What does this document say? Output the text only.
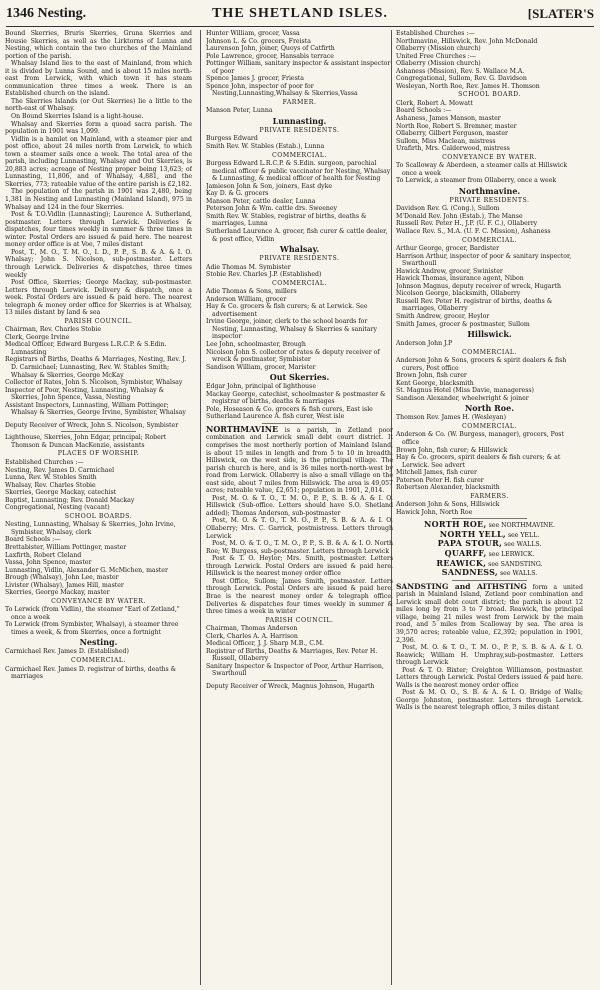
1346 Nesting.	THE SHETLAND ISLES.	[SLATER'S

Bound Skerries, Bruris Skerries, Gruna Skerries and Housie Skerries, as well as the Lirktorns of Lunna and Nesting, which contain the two churches of the Mainland portion of the parish.

Whalsay Island lies to the east of Mainland, from which it is divided by Lunna Sound, and is about 15 miles north-east from Lerwick, with which town it has steam communication three times a week. There is an Established church on the island.

The Skerries Islands (or Out Skerries) lie a little to the north-east of Whalsay.

On Bound Skerries Island is a light-house.

Whalsay and Skerries form a quoad sacra parish. The population in 1901 was 1,099.

Vidlin is a hamlet on Mainland, with a steamer pier and post office, about 24 miles north from Lerwick, to which town a steamer sails once a week. The total area of the parish, including Lunnasting, Whalsay and Out Skerries, is 20,883 acres; acreage of Nesting proper being 13,623; of Lunnasting, 11,806, and of Whalsay, 4,881, and the Skerries, 773; rateable value of the entire parish is £2,182.

The population of the parish in 1901 was 2,480, being 1,381 in Nesting and Lunnasting (Mainland Island), 975 in Whalsay and 124 in the four Skerries.

Post & T.O.Vidlin (Lunnasting); Laurence A. Sutherland, postmaster. Letters through Lerwick. Deliveries & dispatches, four times weekly in summer & three times in winter. Postal Orders are issued & paid here. The nearest money order office is at Voe, 7 miles distant

Post, T., M. O., T. M. O., I. D., P. P., S. B. & A. & I. O. Whalsay; John S. Nicolson, sub-postmaster. Letters through Lerwick. Deliveries & dispatches, three times weekly

Post Office, Skerries; George Mackay, sub-postmaster. Letters through Lerwick. Delivery & dispatch, once a week. Postal Orders are issued & paid here. The nearest telegraph & money order office for Skerries is at Whalsay, 13 miles distant by land & sea

PARISH COUNCIL.

Chairman, Rev. Charles Stobie

Clerk, George Irvine

Medical Officer, Edward Burgess L.R.C.P. & S.Edin. Lunnasting

Registrars of Births, Deaths & Marriages, Nesting, Rev. J. D. Carmichael; Lunnasting, Rev. W. Stables Smith; Whalsay & Skerries, George McKay

Collector of Rates, John S. Nicolson, Symbister, Whalsay

Inspector of Poor, Nesting, Lunnasting, Whalsay & Skerries, John Spence, Vassa, Nesting

Assistant Inspectors, Lunnasting, William Pottinger; Whalsay & Skerries, George Irvine, Symbister, Whalsay

Deputy Receiver of Wreck, John S. Nicolson, Symbister

Lighthouse, Skerries, John Edgar, principal; Robert Thomson & Duncan MacKenzie, assistants

PLACES OF WORSHIP.

Established Churches :—

Nesting, Rev. James D. Carmichael

Lunna, Rev. W. Stobles Smith

Whalsay, Rev. Charles Stobie

Skerries, George Mackay, catechist

Baptist, Lunnasting; Rev. Donald Mackay

Congregational, Nesting (vacant)

SCHOOL BOARDS.

Nesting, Lunnasting, Whalsay & Skerries, John Irvine, Symbister, Whalsay, clerk

Board Schools :—

Brettabister, William Pottinger, master

Laxfirth, Robert Cleland

Vassa, John Spence, master

Lunnasting, Vidlin, Alexander G. McMichen, master

Brough (Whalsay), John Lee, master

Livister (Whalsay), James Hill, master

Skerries, George Mackay, master

CONVEYANCE BY WATER.

To Lerwick (from Vidlin), the steamer "Earl of Zetland," once a week

To Lerwick (from Symbister, Whalsay), a steamer three times a week, & from Skerries, once a fortnight

Nesting.

Carmichael Rev. James D. (Established)

COMMERCIAL.

Carmichael Rev. James D. registrar of births, deaths & marriages

Hunter William, grocer, Vassa

Johnson L. & Co. grocers, Freista

Laurenson John, joiner, Quoys of Catfirth

Pole Lawrence, grocer, Hansabis terrace

Pottinger William, sanitary inspector & assistant inspector of poor

Spence James J. grocer, Friesta

Spence John, inspector of poor for Nesting,Lunnasting,Whalsay & Skerries,Vassa

FARMER.

Manson Peter, Lunna

Lunnasting.
PRIVATE RESIDENTS.

Burgess Edward

Smith Rev. W. Stables (Estab.), Lunna

COMMERCIAL.

Burgess Edward L.R.C.P. & S.Edin. surgeon, parochial medical officer & public vaccinator for Nesting, Whalsay & Lunnasting, & medical officer of health for Nesting

Jamieson John & Son, joiners, East dyke

Kay D. & G. grocers

Manson Peter, cattle dealer, Lunna

Peterson John & Wm. cattle drs. Sweeney

Smith Rev. W. Stables, registrar of births, deaths & marriages, Lunna

Sutherland Laurence A. grocer, fish curer & cattle dealer, & post office, Vidlin

Whalsay.
PRIVATE RESIDENTS.

Adie Thomas M. Symbister

Stobie Rev. Charles J.P. (Established)

COMMERCIAL.

Adie Thomas & Sons, millers

Anderson William, grocer

Hay & Co. grocers & fish curers; & at Lerwick. See advertisement

Irvine George, joiner, clerk to the school boards for Nesting, Lunnasting, Whalsay & Skerries & sanitary inspector

Lee John, schoolmaster, Brough

Nicolson John S. collector of rates & deputy receiver of wreck & postmaster, Symbister

Sandison William, grocer, Marister

Out Skerries.

Edgar John, principal of lighthouse

Mackay George, catechist, schoolmaster & postmaster & registrar of births, deaths & marriages

Pole, Hoseason & Co. grocers & fish curers, East isle

Sutherland Laurence A. fish curer, West isle

NORTHMAVINE is a parish, in Zetland poor combination and Lerwick small debt court district. It comprises the most northerly portion of Mainland Island, is about 15 miles in length and from 5 to 10 in breadth. Hillswick, on the west side, is the principal village. The parish church is here, and is 36 miles north-north-west by road from Lerwick. Ollaberry is also a small village on the east side, about 7 miles from Hillswick. The area is 49,057 acres; rateable value, £2,651; population in 1901, 2,014.

Post, M. O. & T. O., T. M. O., P. P., S. B. & A. & I. O. Hillswick (Sub-office. Letters should have S.O. Shetland added); Thomas Anderson, sub-postmaster

Post, M. O. & T. O., T. M. O., P. P., S. B. & A. & I. O. Ollaberry; Mrs. C. Garrick, postmistress. Letters through Lerwick

Post, M. O. & T. O., T. M. O., P. P., S. B. & A. & I. O. North Roe; W. Burgess, sub-postmaster. Letters through Lerwick

Post & T. O. Heylor; Mrs. Smith, postmaster. Letters through Lerwick. Postal Orders are issued & paid here. Hillswick is the nearest money order office

Post Office, Sullom; James Smith, postmaster. Letters through Lerwick. Postal Orders are issued & paid here. Brae is the nearest money order & telegraph office. Deliveries & dispatches four times weekly in summer & three times a week in winter

PARISH COUNCIL.

Chairman, Thomas Anderson

Clerk, Charles A. A. Harrison

Medical Officer, J. J. Sharp M.B., C.M.

Registrar of Births, Deaths & Marriages, Rev. Peter H. Russell, Ollaberry

Sanitary Inspector & Inspector of Poor, Arthur Harrison, Swarthoull

Deputy Receiver of Wreck, Magnus Johnson, Hugarth

Established Churches :—

Northmavine, Hillswick, Rev. John McDonald

Ollaberry (Mission church)

United Free Churches :—

Ollaberry (Mission church)

Ashaness (Mission), Rev. S. Wallace M.A.

Congregational, Sullom, Rev. G. Davidson

Wesleyan, North Roe, Rev. James H. Thomson

SCHOOL BOARD.

Clerk, Robert A. Mowatt

Board Schools :—

Ashaness, James Manson, master

North Roe, Robert S. Bremner, master

Ollaberry, Gilbert Ferguson, master

Sullom, Miss Maclean, mistress

Urafirth, Mrs. Calderwood, mistress

CONVEYANCE BY WATER.

To Scalloway & Aberdeen, a steamer calls at Hillswick once a week

To Lerwick, a steamer from Ollaberry, once a week

Northmavine.
PRIVATE RESIDENTS.

Davidson Rev. G. (Cong.), Sullom

M'Donald Rev. John (Estab.), The Manse

Russell Rev. Peter H., J.P. (U. F. C.), Ollaberry

Wallace Rev. S., M.A. (U. F. C. Mission), Ashaness

COMMERCIAL.

Arthur George, grocer, Bardister

Harrison Arthur, inspector of poor & sanitary inspector, Swarthoull

Hawick Andrew, grocer, Swinister

Hawick Thomas, insurance agent, Nibon

Johnson Magnus, deputy receiver of wreck, Hugarth

Nicolson George, blacksmith, Ollaberry

Russell Rev. Peter H. registrar of births, deaths & marriages, Ollaberry

Smith Andrew, grocer, Heylor

Smith James, grocer & postmaster, Sullom

Hillswick.

Anderson John J.P

COMMERCIAL.

Anderson John & Sons, grocers & spirit dealers & fish curers, Post office

Brown John, fish curer

Kent George, blacksmith

St. Magnus Hotel (Miss Davie, manageress)

Sandison Alexander, wheelwright & joiner

North Roe.

Thomson Rev. James H. (Wesleyan)

COMMERCIAL.

Anderson & Co. (W. Burgess, manager), grocers, Post office

Brown John, fish curer; & Hillswick

Hay & Co. grocers, spirit dealers & fish curers; & at Lerwick. See advert

Mitchell James, fish curer

Paterson Peter H. fish curer

Robertson Alexander, blacksmith

FARMERS.

Anderson John & Sons, Hillswick

Hawick John, North Roe

NORTH ROE, see NORTHMAVINE.

NORTH YELL, see YELL.

PAPA STOUR, see WALLS.

QUARFF, see LERWICK.

REAWICK, see SANDSTING.

SANDNESS, see WALLS.

SANDSTING and AITHSTING form a united parish in Mainland Island, Zetland poor combination and Lerwick small debt court district; the parish is about 12 miles long by from 3 to 7 broad. Reawick, the principal village, being 21 miles west from Lerwick by the main road, and 5 miles from Scalloway by sea. The area is 39,570 acres; rateable value, £2,392; population in 1901, 2,396.

Post, M. O. & T. O., T. M. O., P. P., S. B. & A. & I. O. Reawick; William H. Umphray,sub-postmaster. Letters through Lerwick

Post & T. O. Bixter; Creighton Williamson, postmaster. Letters through Lerwick. Postal Orders issued & paid here. Walls is the nearest money order office

Post & M. O. O., S. B. & A. & I. O. Bridge of Walls; George Johnston, postmaster. Letters through Lerwick. Walls is the nearest telegraph office, 3 miles distant
